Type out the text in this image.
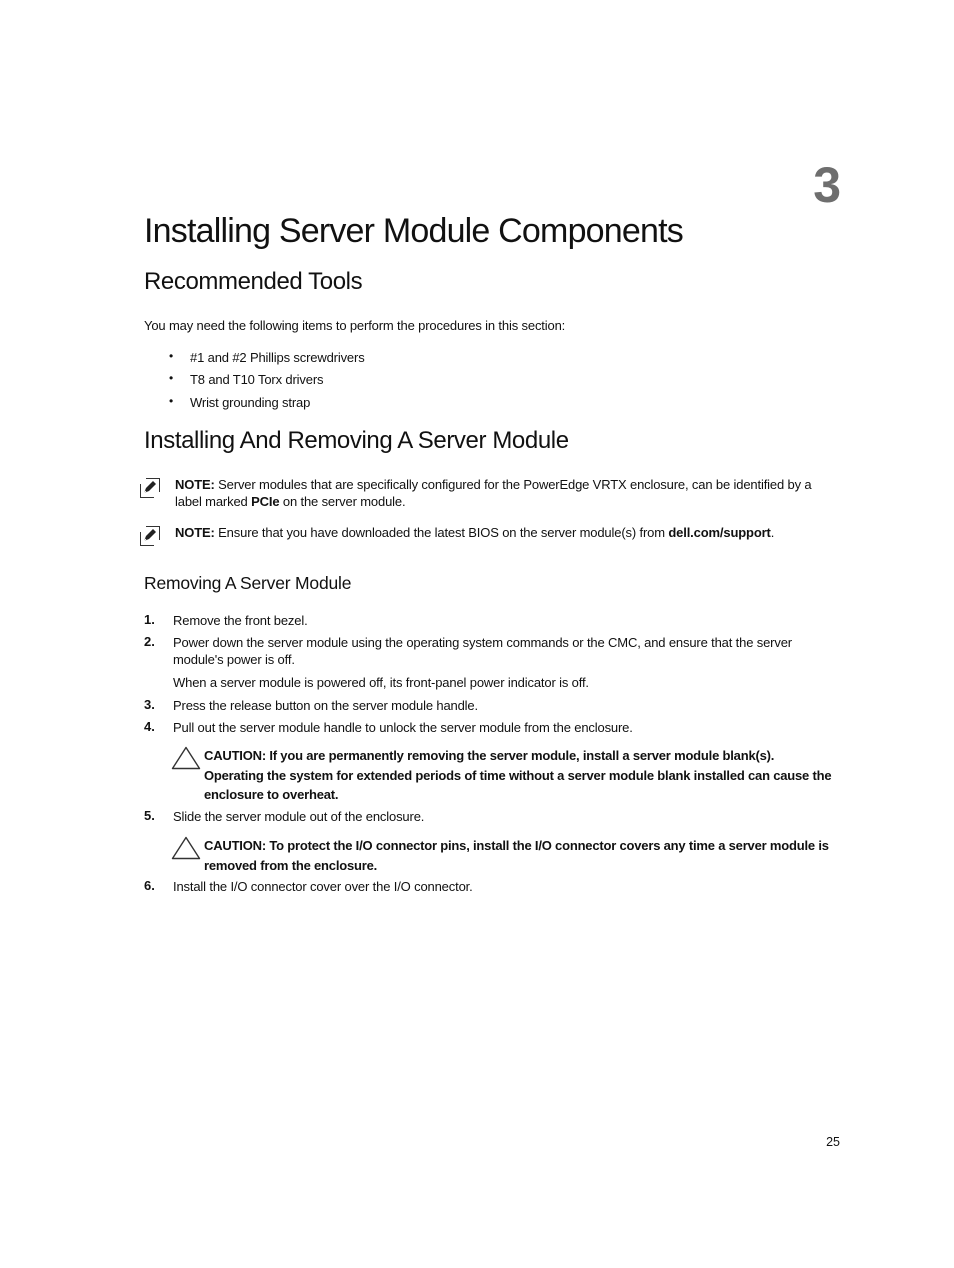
3
Installing Server Module Components
Recommended Tools
You may need the following items to perform the procedures in this section:
• #1 and #2 Phillips screwdrivers
• T8 and T10 Torx drivers
• Wrist grounding strap
Installing And Removing A Server Module
NOTE: Server modules that are specifically configured for the PowerEdge VRTX enclosure, can be identified by a label marked PCIe on the server module.
NOTE: Ensure that you have downloaded the latest BIOS on the server module(s) from dell.com/support.
Removing A Server Module
1. Remove the front bezel.
2. Power down the server module using the operating system commands or the CMC, and ensure that the server module's power is off.
When a server module is powered off, its front-panel power indicator is off.
3. Press the release button on the server module handle.
4. Pull out the server module handle to unlock the server module from the enclosure.
CAUTION: If you are permanently removing the server module, install a server module blank(s). Operating the system for extended periods of time without a server module blank installed can cause the enclosure to overheat.
5. Slide the server module out of the enclosure.
CAUTION: To protect the I/O connector pins, install the I/O connector covers any time a server module is removed from the enclosure.
6. Install the I/O connector cover over the I/O connector.
25
